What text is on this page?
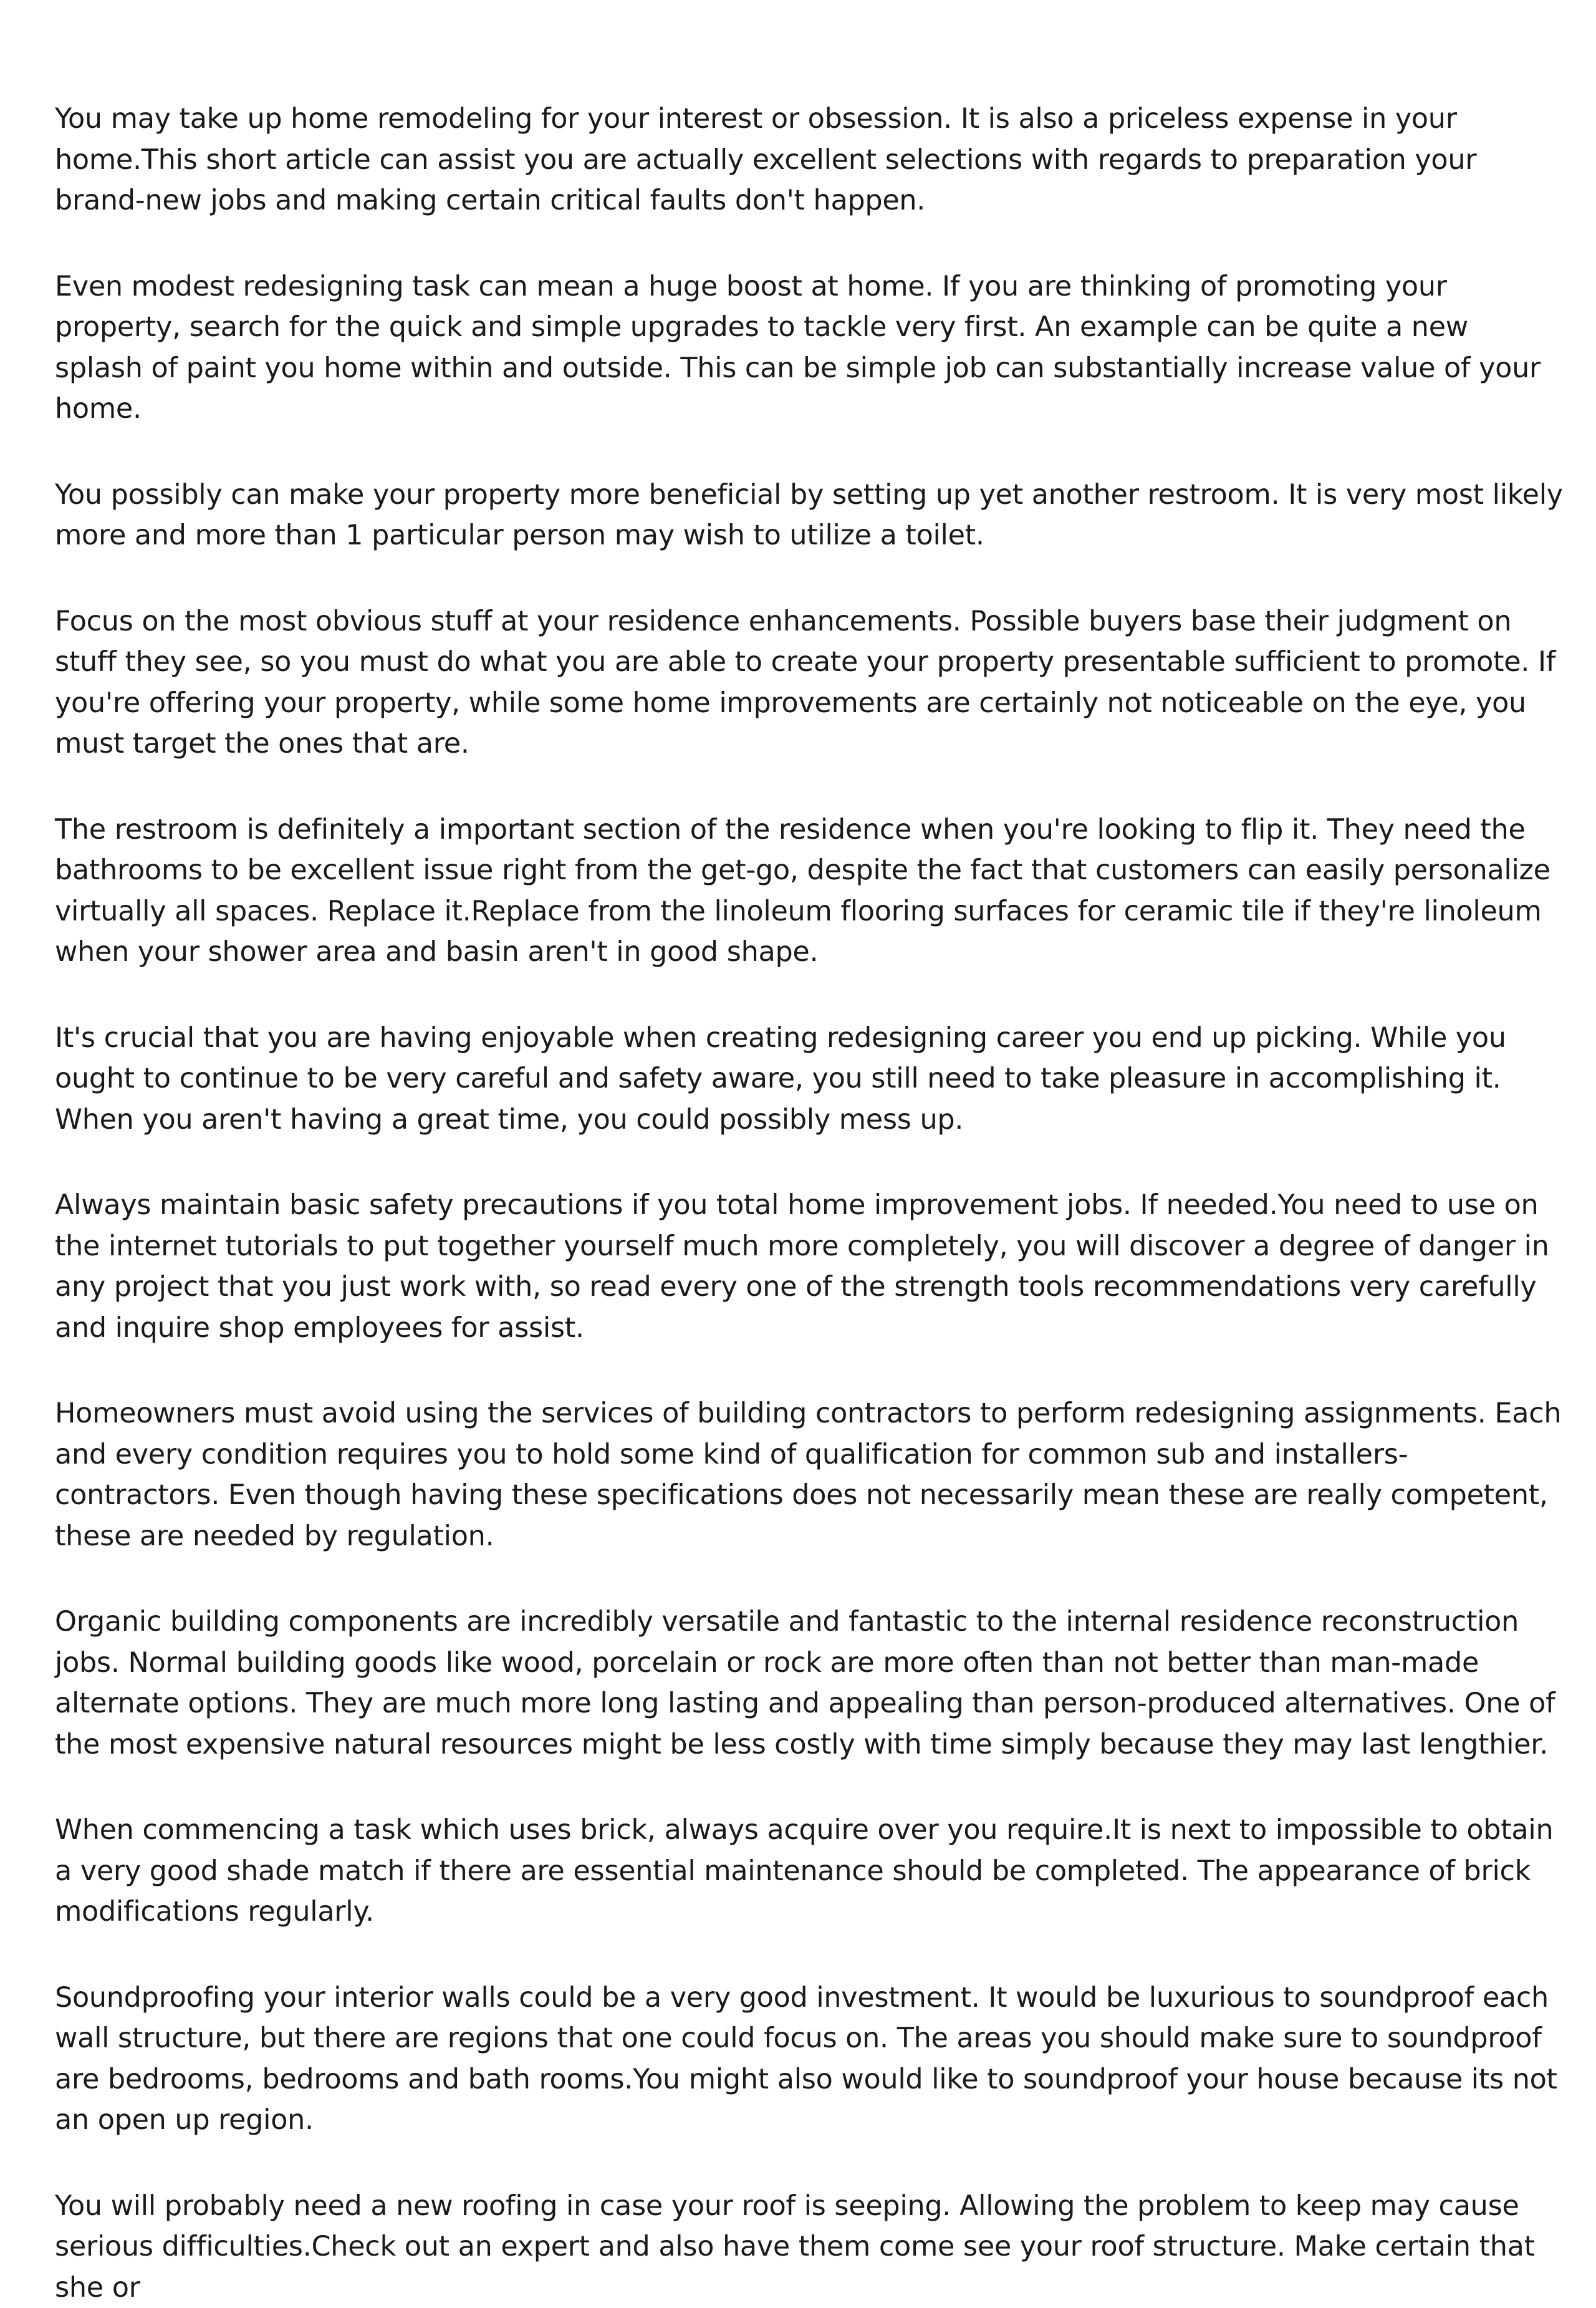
You may take up home remodeling for your interest or obsession. It is also a priceless expense in your home.This short article can assist you are actually excellent selections with regards to preparation your brand-new jobs and making certain critical faults don't happen.

Even modest redesigning task can mean a huge boost at home. If you are thinking of promoting your property, search for the quick and simple upgrades to tackle very first. An example can be quite a new splash of paint you home within and outside. This can be simple job can substantially increase value of your home.

You possibly can make your property more beneficial by setting up yet another restroom. It is very most likely more and more than 1 particular person may wish to utilize a toilet.

Focus on the most obvious stuff at your residence enhancements. Possible buyers base their judgment on stuff they see, so you must do what you are able to create your property presentable sufficient to promote. If you're offering your property, while some home improvements are certainly not noticeable on the eye, you must target the ones that are.

The restroom is definitely a important section of the residence when you're looking to flip it. They need the bathrooms to be excellent issue right from the get-go, despite the fact that customers can easily personalize virtually all spaces. Replace it.Replace from the linoleum flooring surfaces for ceramic tile if they're linoleum when your shower area and basin aren't in good shape.

It's crucial that you are having enjoyable when creating redesigning career you end up picking. While you ought to continue to be very careful and safety aware, you still need to take pleasure in accomplishing it. When you aren't having a great time, you could possibly mess up.

Always maintain basic safety precautions if you total home improvement jobs. If needed.You need to use on the internet tutorials to put together yourself much more completely, you will discover a degree of danger in any project that you just work with, so read every one of the strength tools recommendations very carefully and inquire shop employees for assist.

Homeowners must avoid using the services of building contractors to perform redesigning assignments. Each and every condition requires you to hold some kind of qualification for common sub and installers-contractors. Even though having these specifications does not necessarily mean these are really competent, these are needed by regulation.

Organic building components are incredibly versatile and fantastic to the internal residence reconstruction jobs. Normal building goods like wood, porcelain or rock are more often than not better than man-made alternate options. They are much more long lasting and appealing than person-produced alternatives. One of the most expensive natural resources might be less costly with time simply because they may last lengthier.

When commencing a task which uses brick, always acquire over you require.It is next to impossible to obtain a very good shade match if there are essential maintenance should be completed. The appearance of brick modifications regularly.

Soundproofing your interior walls could be a very good investment. It would be luxurious to soundproof each wall structure, but there are regions that one could focus on. The areas you should make sure to soundproof are bedrooms, bedrooms and bath rooms.You might also would like to soundproof your house because its not an open up region.

You will probably need a new roofing in case your roof is seeping. Allowing the problem to keep may cause serious difficulties.Check out an expert and also have them come see your roof structure. Make certain that she or
